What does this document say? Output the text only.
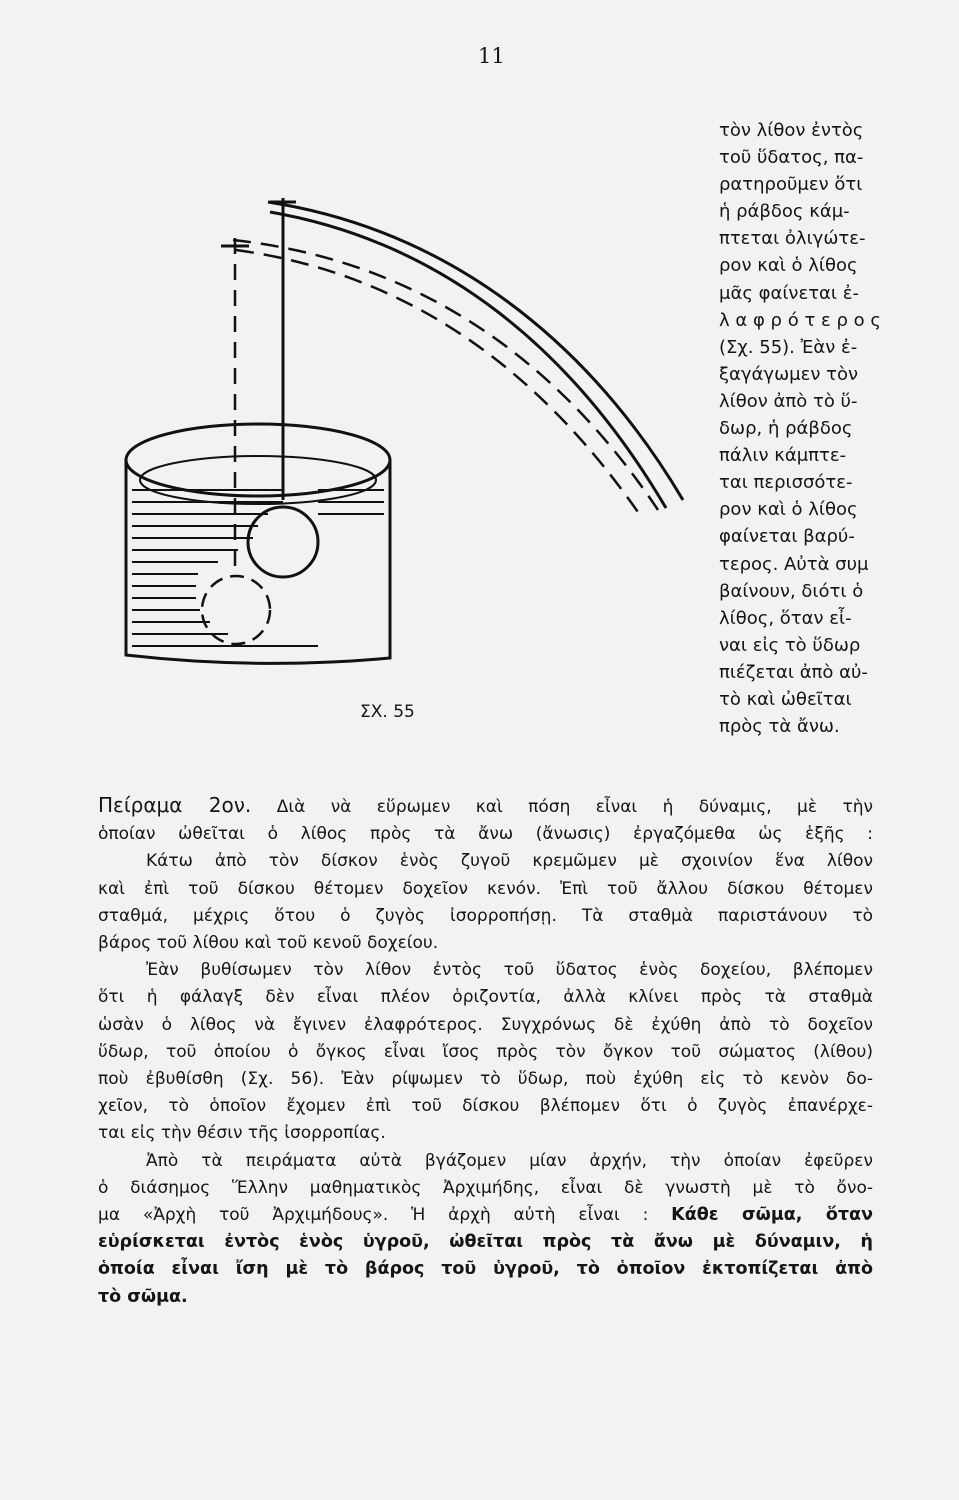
11
τὸν λίθον ἐντὸς
τοῦ ὕδατος, πα-
ρατηροῦμεν ὅτι
ἡ ράβδος κάμ-
πτεται ὀλιγώτε-
ρον καὶ ὁ λίθος
μᾶς φαίνεται ἐ-
λ α φ ρ ό τ ε ρ ο ς
(Σχ. 55). Ἐὰν ἐ-
ξαγάγωμεν τὸν
λίθον ἀπὸ τὸ ὕ-
δωρ, ἡ ράβδος
πάλιν κάμπτε-
ται περισσότε-
ρον καὶ ὁ λίθος
φαίνεται βαρύ-
τερος. Αὐτὰ συμ
βαίνουν, διότι ὁ
λίθος, ὅταν εἶ-
ναι εἰς τὸ ὕδωρ
πιέζεται ἀπὸ αὐ-
τὸ καὶ ὠθεῖται
πρὸς τὰ ἄνω.
ΣΧ. 55
Πείραμα 2ον. Διὰ νὰ εὕρωμεν καὶ πόση εἶναι ἡ δύναμις, μὲ τὴν
ὁποίαν ὠθεῖται ὁ λίθος πρὸς τὰ ἄνω (ἄνωσις) ἐργαζόμεθα ὡς ἑξῆς :
Κάτω ἀπὸ τὸν δίσκον ἑνὸς ζυγοῦ κρεμῶμεν μὲ σχοινίον ἕνα λίθον
καὶ ἐπὶ τοῦ δίσκου θέτομεν δοχεῖον κενόν. Ἐπὶ τοῦ ἄλλου δίσκου θέτομεν
σταθμά, μέχρις ὅτου ὁ ζυγὸς ἰσορροπήσῃ. Τὰ σταθμὰ παριστάνουν τὸ
βάρος τοῦ λίθου καὶ τοῦ κενοῦ δοχείου.
Ἐὰν βυθίσωμεν τὸν λίθον ἐντὸς τοῦ ὕδατος ἑνὸς δοχείου, βλέπομεν
ὅτι ἡ φάλαγξ δὲν εἶναι πλέον ὁριζοντία, ἀλλὰ κλίνει πρὸς τὰ σταθμὰ
ὡσὰν ὁ λίθος νὰ ἔγινεν ἐλαφρότερος. Συγχρόνως δὲ ἐχύθη ἀπὸ τὸ δοχεῖον
ὕδωρ, τοῦ ὁποίου ὁ ὄγκος εἶναι ἴσος πρὸς τὸν ὄγκον τοῦ σώματος (λίθου)
ποὺ ἐβυθίσθη (Σχ. 56). Ἐὰν ρίψωμεν τὸ ὕδωρ, ποὺ ἐχύθη εἰς τὸ κενὸν δο-
χεῖον, τὸ ὁποῖον ἔχομεν ἐπὶ τοῦ δίσκου βλέπομεν ὅτι ὁ ζυγὸς ἐπανέρχε-
ται εἰς τὴν θέσιν τῆς ἰσορροπίας.
Ἀπὸ τὰ πειράματα αὐτὰ βγάζομεν μίαν ἀρχήν, τὴν ὁποίαν ἐφεῦρεν
ὁ διάσημος Ἕλλην μαθηματικὸς Ἀρχιμήδης, εἶναι δὲ γνωστὴ μὲ τὸ ὄνο-
μα «Ἀρχὴ τοῦ Ἀρχιμήδους». Ἡ ἀρχὴ αὐτὴ εἶναι : Κάθε σῶμα, ὅταν
εὑρίσκεται ἐντὸς ἑνὸς ὑγροῦ, ὠθεῖται πρὸς τὰ ἄνω μὲ δύναμιν, ἡ
ὁποία εἶναι ἴση μὲ τὸ βάρος τοῦ ὑγροῦ, τὸ ὁποῖον ἐκτοπίζεται ἀπὸ
τὸ σῶμα.
